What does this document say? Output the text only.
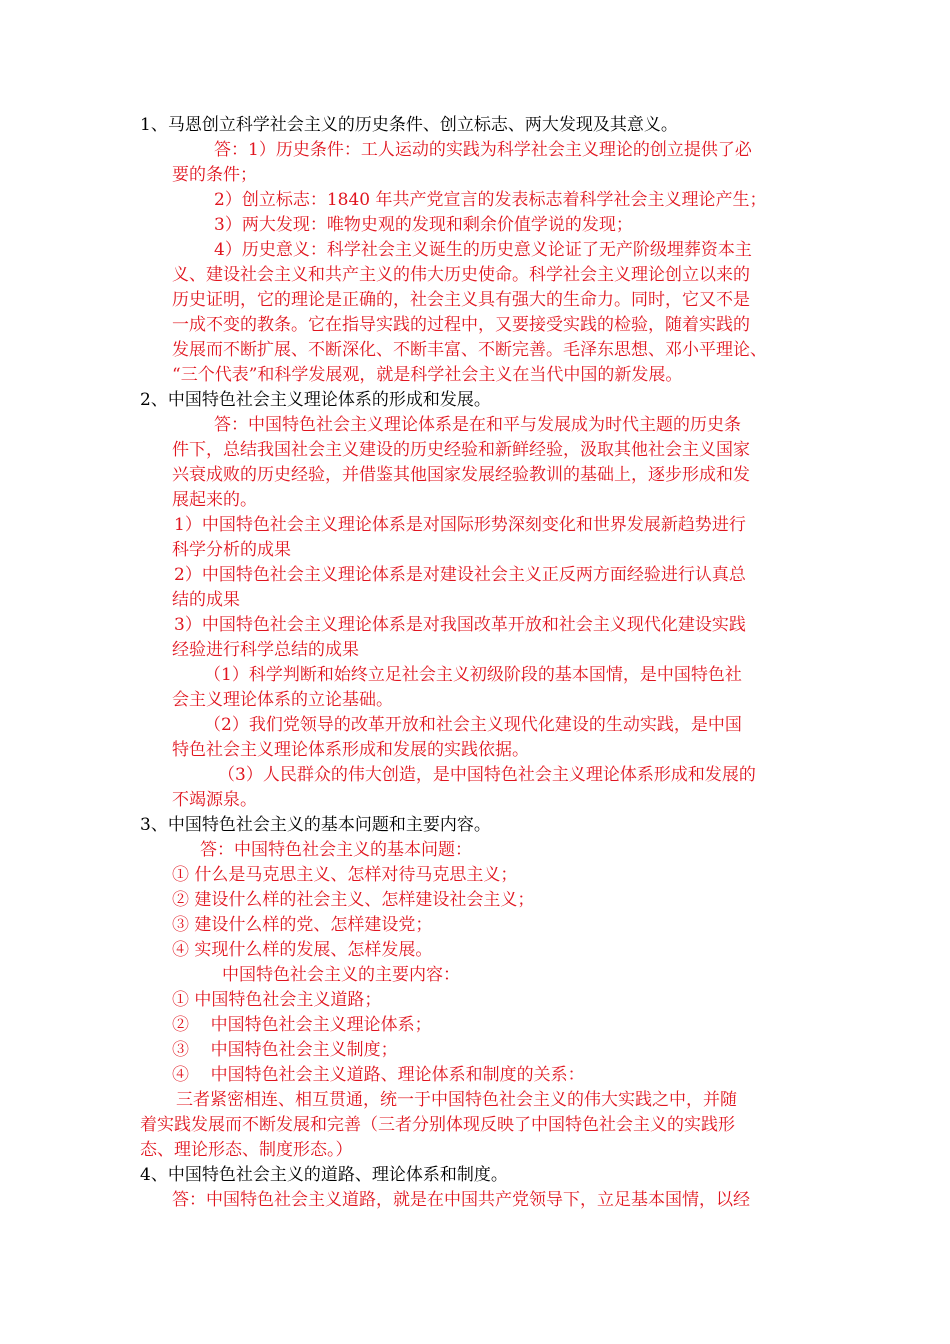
1、马恩创立科学社会主义的历史条件、创立标志、两大发现及其意义。

答：1）历史条件：工人运动的实践为科学社会主义理论的创立提供了必

要的条件；

2）创立标志：1840 年共产党宣言的发表标志着科学社会主义理论产生；

3）两大发现：唯物史观的发现和剩余价值学说的发现；

4）历史意义：科学社会主义诞生的历史意义论证了无产阶级埋葬资本主

义、建设社会主义和共产主义的伟大历史使命。科学社会主义理论创立以来的

历史证明，它的理论是正确的，社会主义具有强大的生命力。同时，它又不是

一成不变的教条。它在指导实践的过程中，又要接受实践的检验，随着实践的

发展而不断扩展、不断深化、不断丰富、不断完善。毛泽东思想、邓小平理论、

“三个代表”和科学发展观，就是科学社会主义在当代中国的新发展。

2、中国特色社会主义理论体系的形成和发展。

答：中国特色社会主义理论体系是在和平与发展成为时代主题的历史条

件下，总结我国社会主义建设的历史经验和新鲜经验，汲取其他社会主义国家

兴衰成败的历史经验，并借鉴其他国家发展经验教训的基础上，逐步形成和发

展起来的。

1）中国特色社会主义理论体系是对国际形势深刻变化和世界发展新趋势进行

科学分析的成果

2）中国特色社会主义理论体系是对建设社会主义正反两方面经验进行认真总

结的成果

3）中国特色社会主义理论体系是对我国改革开放和社会主义现代化建设实践

经验进行科学总结的成果

（1）科学判断和始终立足社会主义初级阶段的基本国情，是中国特色社

会主义理论体系的立论基础。

（2）我们党领导的改革开放和社会主义现代化建设的生动实践，是中国

特色社会主义理论体系形成和发展的实践依据。

（3）人民群众的伟大创造，是中国特色社会主义理论体系形成和发展的

不竭源泉。

3、中国特色社会主义的基本问题和主要内容。

答：中国特色社会主义的基本问题：

① 什么是马克思主义、怎样对待马克思主义；

② 建设什么样的社会主义、怎样建设社会主义；

③ 建设什么样的党、怎样建设党；

④ 实现什么样的发展、怎样发展。

中国特色社会主义的主要内容：

① 中国特色社会主义道路；

②    中国特色社会主义理论体系；

③    中国特色社会主义制度；

④    中国特色社会主义道路、理论体系和制度的关系：

三者紧密相连、相互贯通，统一于中国特色社会主义的伟大实践之中，并随

着实践发展而不断发展和完善（三者分别体现反映了中国特色社会主义的实践形

态、理论形态、制度形态。）

4、中国特色社会主义的道路、理论体系和制度。

答：中国特色社会主义道路，就是在中国共产党领导下，立足基本国情，以经
